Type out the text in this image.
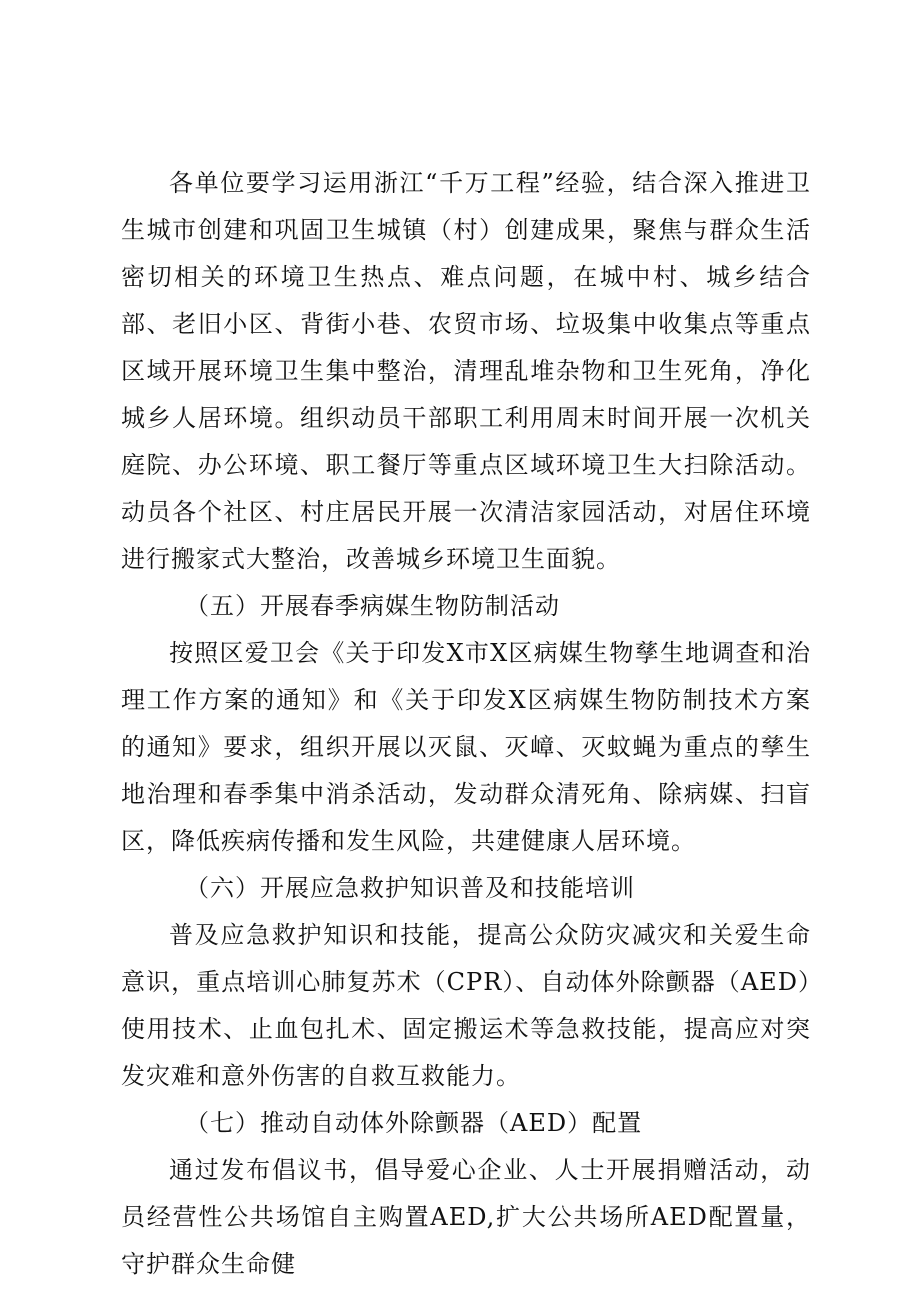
各单位要学习运用浙江“千万工程”经验，结合深入推进卫生城市创建和巩固卫生城镇（村）创建成果，聚焦与群众生活密切相关的环境卫生热点、难点问题，在城中村、城乡结合部、老旧小区、背街小巷、农贸市场、垃圾集中收集点等重点区域开展环境卫生集中整治，清理乱堆杂物和卫生死角，净化城乡人居环境。组织动员干部职工利用周末时间开展一次机关庭院、办公环境、职工餐厅等重点区域环境卫生大扫除活动。动员各个社区、村庄居民开展一次清洁家园活动，对居住环境进行搬家式大整治，改善城乡环境卫生面貌。

（五）开展春季病媒生物防制活动

按照区爱卫会《关于印发X市X区病媒生物孳生地调查和治理工作方案的通知》和《关于印发X区病媒生物防制技术方案的通知》要求，组织开展以灭鼠、灭嶂、灭蚊蝇为重点的孳生地治理和春季集中消杀活动，发动群众清死角、除病媒、扫盲区，降低疾病传播和发生风险，共建健康人居环境。

（六）开展应急救护知识普及和技能培训

普及应急救护知识和技能，提高公众防灾减灾和关爱生命意识，重点培训心肺复苏术（CPR）、自动体外除颤器（AED）使用技术、止血包扎术、固定搬运术等急救技能，提高应对突发灾难和意外伤害的自救互救能力。

（七）推动自动体外除颤器（AED）配置

通过发布倡议书，倡导爱心企业、人士开展捐赠活动，动员经营性公共场馆自主购置AED,扩大公共场所AED配置量，守护群众生命健
